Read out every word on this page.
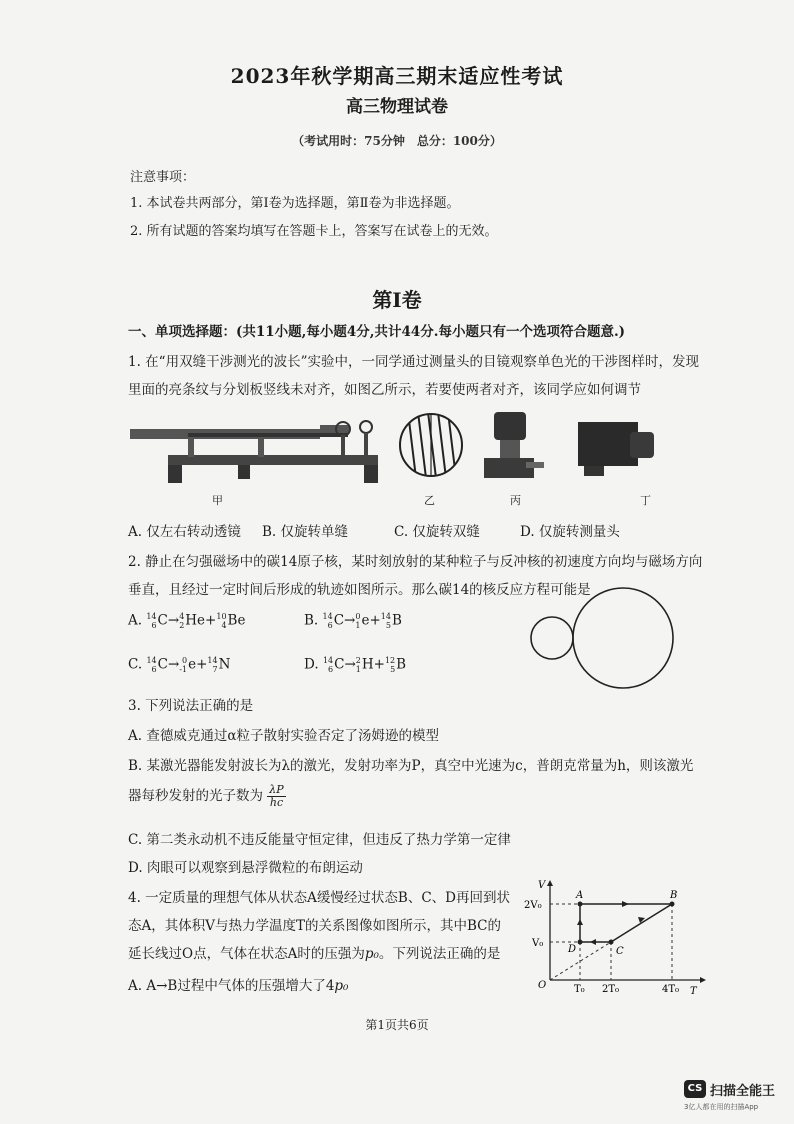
2023年秋学期高三期末适应性考试
高三物理试卷
（考试用时：75分钟　总分：100分）
注意事项：
1. 本试卷共两部分，第Ⅰ卷为选择题，第Ⅱ卷为非选择题。
2. 所有试题的答案均填写在答题卡上，答案写在试卷上的无效。
第Ⅰ卷
一、单项选择题：(共11小题,每小题4分,共计44分.每小题只有一个选项符合题意.)
1. 在“用双缝干涉测光的波长”实验中，一同学通过测量头的目镜观察单色光的干涉图样时，发现
里面的亮条纹与分划板竖线未对齐，如图乙所示，若要使两者对齐，该同学应如何调节
甲	乙	丙	丁
A. 仅左右转动透镜 B. 仅旋转单缝	C. 仅旋转双缝	D. 仅旋转测量头
2. 静止在匀强磁场中的碳14原子核，某时刻放射的某种粒子与反冲核的初速度方向均与磁场方向
垂直，且经过一定时间后形成的轨迹如图所示。那么碳14的核反应方程可能是
A. 14
6 C→ 4
2 He+ 10
4 Be	B. 14
6 C→ 0
1 e+ 14
5 B
C. 14
6 C→ 0
-1 e+ 14
7 N	D. 14
6 C→ 2
1 H+ 12
5 B
3. 下列说法正确的是
A. 查德威克通过α粒子散射实验否定了汤姆逊的模型
B. 某激光器能发射波长为λ的激光，发射功率为P，真空中光速为c，普朗克常量为h，则该激光
器每秒发射的光子数为 $\frac{\lambda P}{hc}$
C. 第二类永动机不违反能量守恒定律，但违反了热力学第一定律
D. 肉眼可以观察到悬浮微粒的布朗运动
4. 一定质量的理想气体从状态A缓慢经过状态B、C、D再回到状
态A，其体积V与热力学温度T的关系图像如图所示，其中BC的
延长线过O点，气体在状态A时的压强为p₀。下列说法正确的是
A. A→B过程中气体的压强增大了4p₀
V
T
O
A	B
C
D
2V₀
V₀
T₀ 2T₀	4T₀
第1页共6页
CS 扫描全能王
3亿人都在用的扫描App
